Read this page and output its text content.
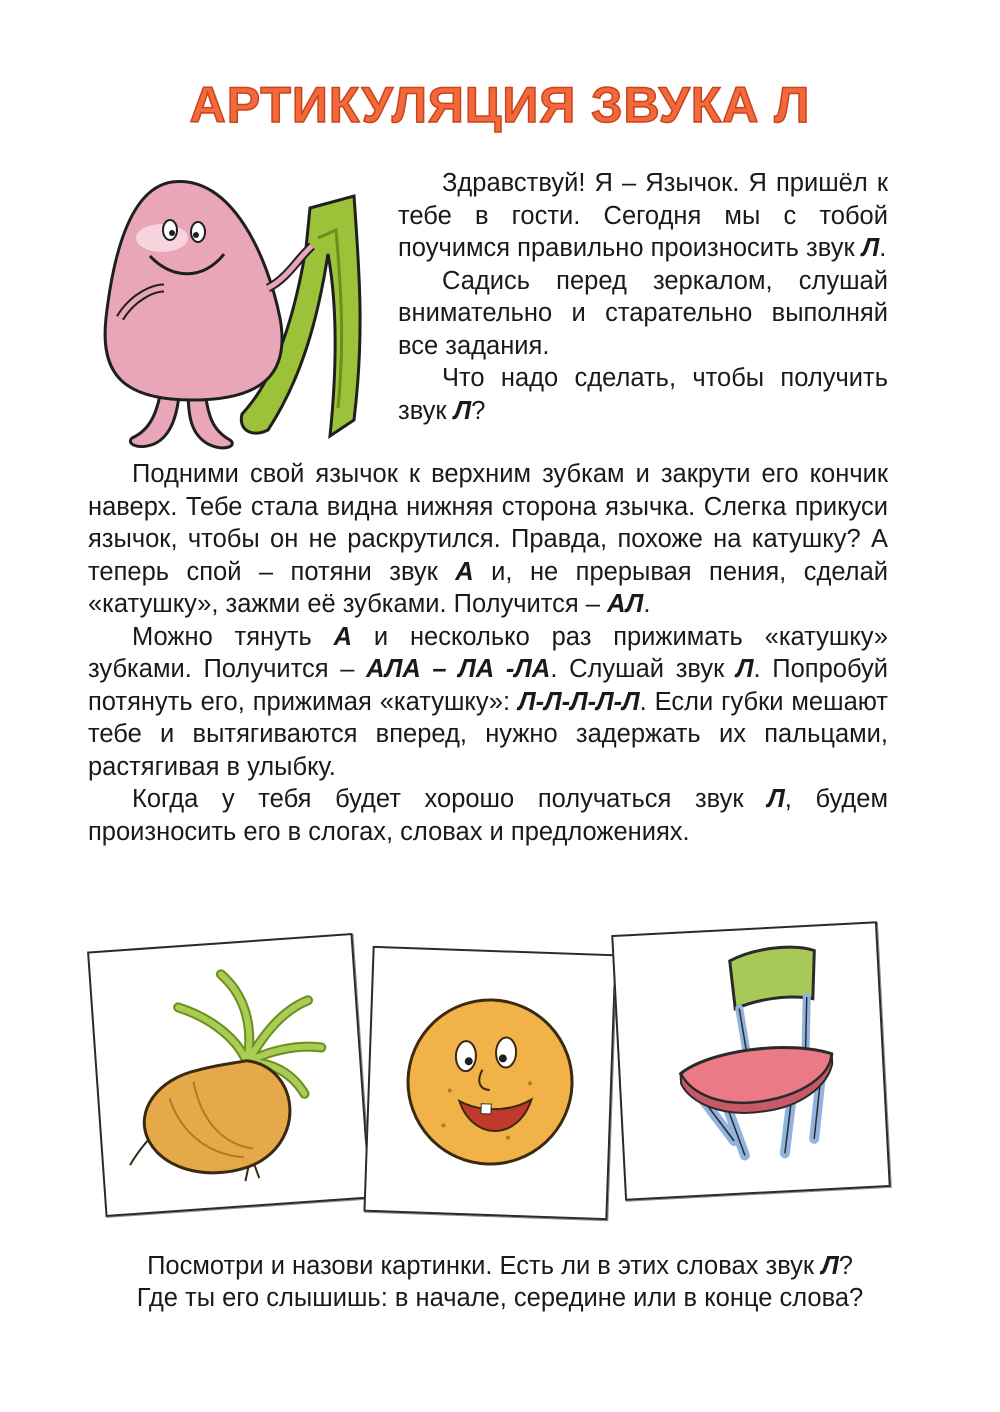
АРТИКУЛЯЦИЯ ЗВУКА Л

Здравствуй! Я – Язычок. Я пришёл к тебе в гости. Сегодня мы с тобой поучимся правильно произносить звук Л.

Садись перед зеркалом, слушай внимательно и старательно выполняй все задания.

Что надо сделать, чтобы получить звук Л?

Подними свой язычок к верхним зубкам и закрути его кончик наверх. Тебе стала видна нижняя сторона язычка. Слегка прикуси язычок, чтобы он не раскрутился. Правда, похоже на катушку? А теперь спой – потяни звук А и, не прерывая пения, сделай «катушку», зажми её зубками. Получится – АЛ.

Можно тянуть А и несколько раз прижимать «катушку» зубками. Получится – АЛА – ЛА -ЛА. Слушай звук Л. Попробуй потянуть его, прижимая «катушку»: Л-Л-Л-Л-Л. Если губки мешают тебе и вытягиваются вперед, нужно задержать их пальцами, растягивая в улыбку.

Когда у тебя будет хорошо получаться звук Л, будем произносить его в слогах, словах и предложениях.

Посмотри и назови картинки. Есть ли в этих словах звук Л?

Где ты его слышишь: в начале, середине или в конце слова?
